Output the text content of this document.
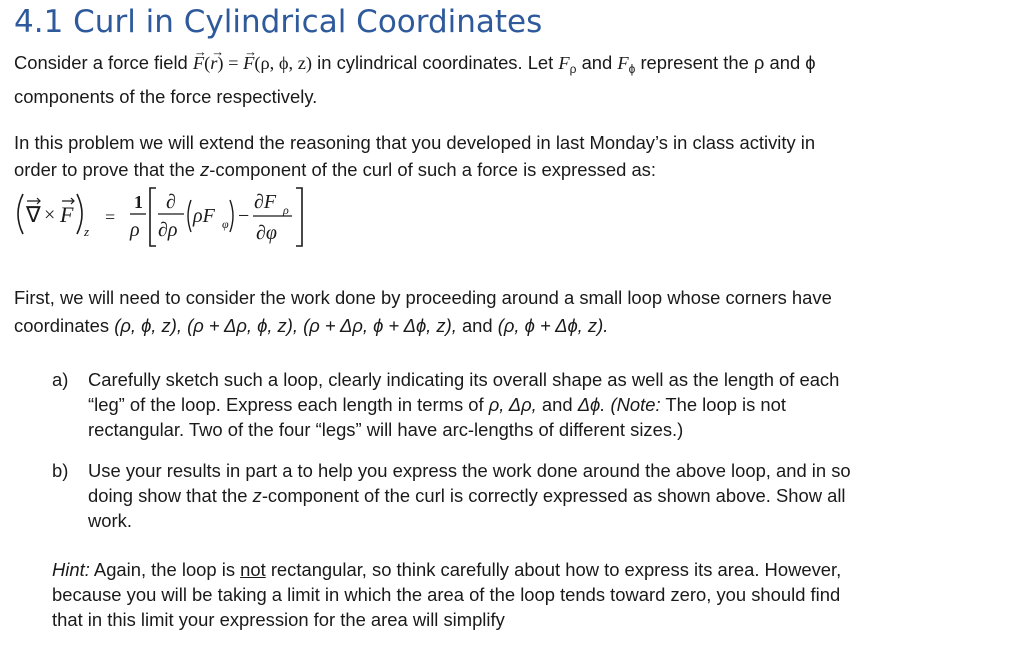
4.1 Curl in Cylindrical Coordinates
Consider a force field → F(→ r) = → F(ρ, ϕ, z) in cylindrical coordinates. Let $F_\rho$ and $F_\phi$ represent the ρ and ϕ
components of the force respectively.
In this problem we will extend the reasoning that you developed in last Monday’s in class activity in
order to prove that the z-component of the curl of such a force is expressed as:
∇ × F
z
=
1
ρ
∂
∂ρ
ρF φ −
∂F ρ
∂φ
First, we will need to consider the work done by proceeding around a small loop whose corners have
coordinates (ρ, ϕ, z), (ρ + Δρ, ϕ, z), (ρ + Δρ, ϕ + Δϕ, z), and (ρ, ϕ + Δϕ, z).
a) Carefully sketch such a loop, clearly indicating its overall shape as well as the length of each
“leg” of the loop. Express each length in terms of ρ, Δρ, and Δϕ. (Note: The loop is not
rectangular. Two of the four “legs” will have arc-lengths of different sizes.)
b) Use your results in part a to help you express the work done around the above loop, and in so
doing show that the z-component of the curl is correctly expressed as shown above. Show all
work.
Hint: Again, the loop is not rectangular, so think carefully about how to express its area. However,
because you will be taking a limit in which the area of the loop tends toward zero, you should find
that in this limit your expression for the area will simplify
